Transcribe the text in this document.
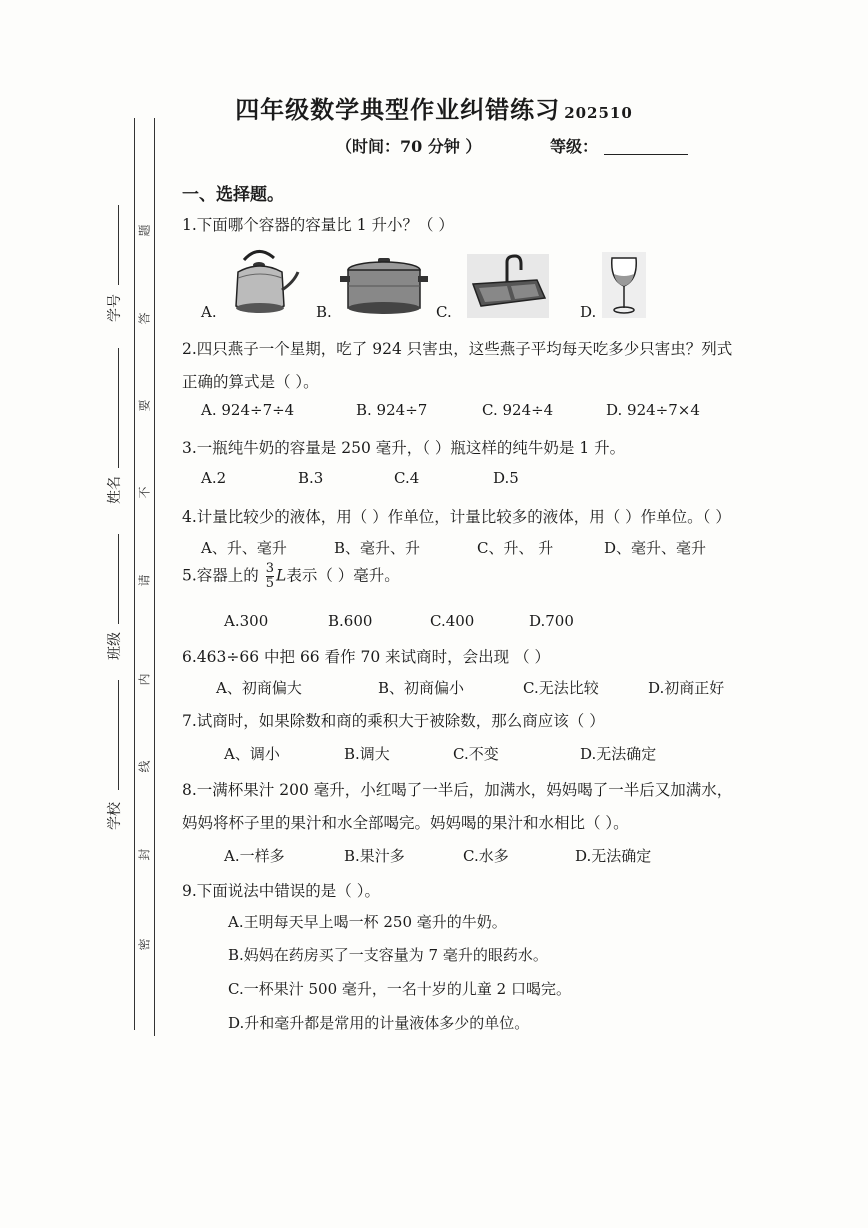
四年级数学典型作业纠错练习 202510
（时间：70 分钟 ）	等级：
学号
姓名
班级
学校
题
答
要
不
请
内
线
封
密
一、选择题。
1.下面哪个容器的容量比 1 升小？（ ）
A.	B.	C.	D.
2.四只燕子一个星期，吃了 924 只害虫，这些燕子平均每天吃多少只害虫？列式
正确的算式是（ ）。
A. 924÷7÷4	B. 924÷7	C. 924÷4	D. 924÷7×4
3.一瓶纯牛奶的容量是 250 毫升，（ ）瓶这样的纯牛奶是 1 升。
A.2	B.3	C.4	D.5
4.计量比较少的液体，用（ ）作单位，计量比较多的液体，用（ ）作单位。（ ）
A、升、毫升	B、毫升、升	C、升、 升	D、毫升、毫升
5.容器上的 $\frac{3}{5}$ L表示（ ）毫升。
A.300	B.600	C.400	D.700
6.463÷66 中把 66 看作 70 来试商时，会出现 （ ）
A、初商偏大	B、初商偏小	C.无法比较	D.初商正好
7.试商时，如果除数和商的乘积大于被除数，那么商应该（ ）
A、调小	B.调大	C.不变	D.无法确定
8.一满杯果汁 200 毫升，小红喝了一半后，加满水，妈妈喝了一半后又加满水，
妈妈将杯子里的果汁和水全部喝完。妈妈喝的果汁和水相比（ ）。
A.一样多	B.果汁多	C.水多	D.无法确定
9.下面说法中错误的是（ ）。
A.王明每天早上喝一杯 250 毫升的牛奶。
B.妈妈在药房买了一支容量为 7 毫升的眼药水。
C.一杯果汁 500 毫升，一名十岁的儿童 2 口喝完。
D.升和毫升都是常用的计量液体多少的单位。
